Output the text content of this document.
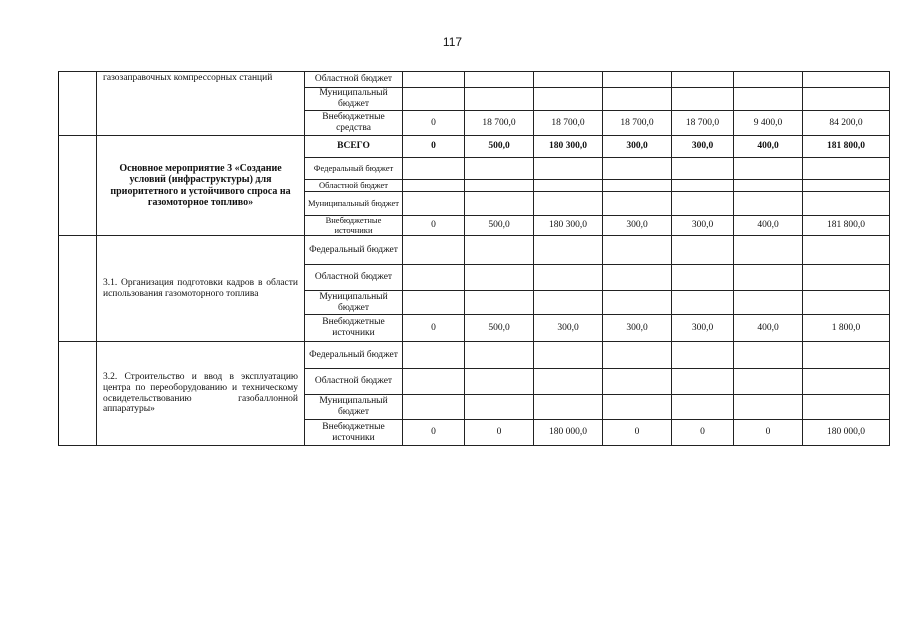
117
	газозаправочных компрессорных станций	Областной бюджет							
		Муниципальный бюджет							
		Внебюджетные средства	0	18 700,0	18 700,0	18 700,0	18 700,0	9 400,0	84 200,0
	Основное мероприятие 3 «Создание условий (инфраструктуры) для приоритетного и устойчивого спроса на газомоторное топливо»	ВСЕГО	0	500,0	180 300,0	300,0	300,0	400,0	181 800,0
		Федеральный бюджет							
		Областной бюджет							
		Муниципальный бюджет							
		Внебюджетные источники	0	500,0	180 300,0	300,0	300,0	400,0	181 800,0
	3.1. Организация подготовки кадров в области использования газомоторного топлива	Федеральный бюджет							
		Областной бюджет							
		Муниципальный бюджет							
		Внебюджетные источники	0	500,0	300,0	300,0	300,0	400,0	1 800,0
	3.2. Строительство и ввод в эксплуатацию центра по переоборудованию и техническому освидетельствованию газобаллонной аппаратуры»	Федеральный бюджет							
		Областной бюджет							
		Муниципальный бюджет							
		Внебюджетные источники	0	0	180 000,0	0	0	0	180 000,0
